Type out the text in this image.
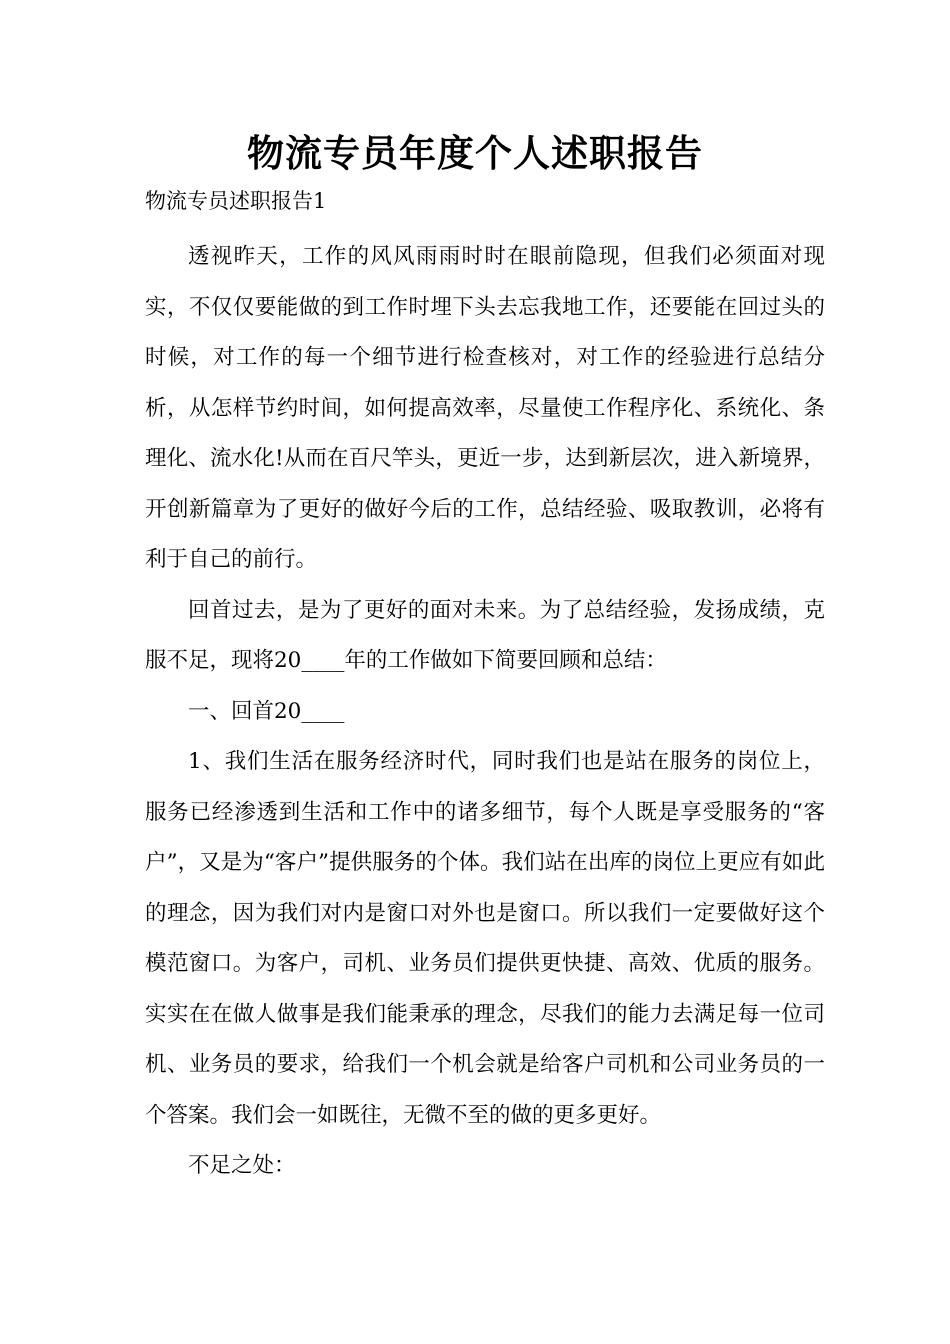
物流专员年度个人述职报告
物流专员述职报告1

透视昨天，工作的风风雨雨时时在眼前隐现，但我们必须面对现实，不仅仅要能做的到工作时埋下头去忘我地工作，还要能在回过头的时候，对工作的每一个细节进行检查核对，对工作的经验进行总结分析，从怎样节约时间，如何提高效率，尽量使工作程序化、系统化、条理化、流水化!从而在百尺竿头，更近一步，达到新层次，进入新境界，开创新篇章为了更好的做好今后的工作，总结经验、吸取教训，必将有利于自己的前行。

回首过去，是为了更好的面对未来。为了总结经验，发扬成绩，克服不足，现将20____年的工作做如下简要回顾和总结：

一、回首20____

1、我们生活在服务经济时代，同时我们也是站在服务的岗位上，服务已经渗透到生活和工作中的诸多细节，每个人既是享受服务的“客户”，又是为“客户”提供服务的个体。我们站在出库的岗位上更应有如此的理念，因为我们对内是窗口对外也是窗口。所以我们一定要做好这个模范窗口。为客户，司机、业务员们提供更快捷、高效、优质的服务。实实在在做人做事是我们能秉承的理念，尽我们的能力去满足每一位司机、业务员的要求，给我们一个机会就是给客户司机和公司业务员的一个答案。我们会一如既往，无微不至的做的更多更好。

不足之处：
